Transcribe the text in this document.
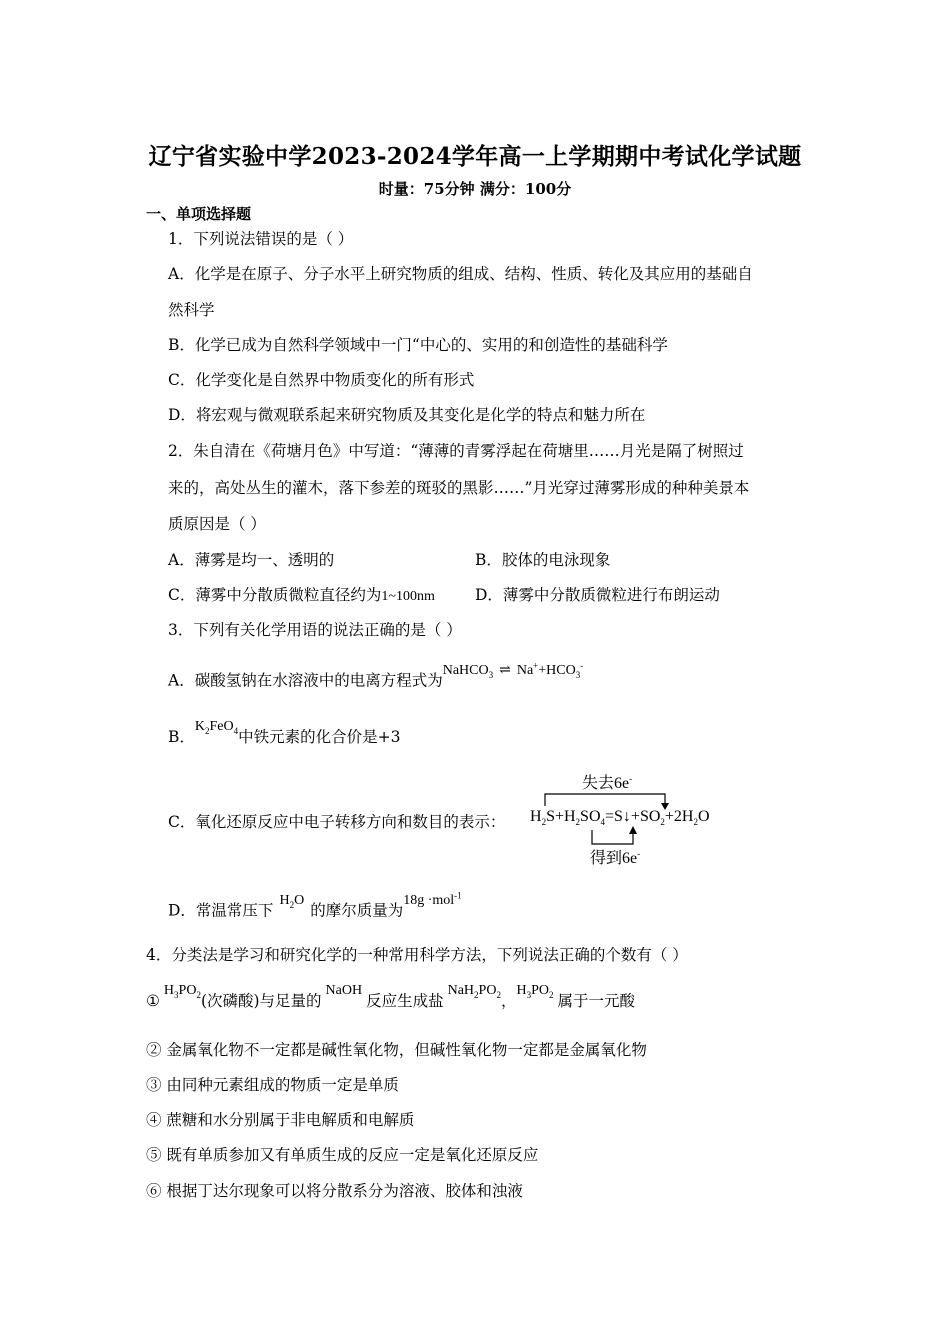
辽宁省实验中学2023-2024学年高一上学期期中考试化学试题
时量：75分钟 满分：100分
一、单项选择题
1．下列说法错误的是（ ）
A．化学是在原子、分子水平上研究物质的组成、结构、性质、转化及其应用的基础自
然科学
B．化学已成为自然科学领域中一门“中心的、实用的和创造性的基础科学
C．化学变化是自然界中物质变化的所有形式
D．将宏观与微观联系起来研究物质及其变化是化学的特点和魅力所在
2．朱自清在《荷塘月色》中写道：“薄薄的青雾浮起在荷塘里……月光是隔了树照过
来的，高处丛生的灌木，落下参差的斑驳的黑影……”月光穿过薄雾形成的种种美景本
质原因是（ ）
A．薄雾是均一、透明的	B．胶体的电泳现象
C．薄雾中分散质微粒直径约为1~100nm	D．薄雾中分散质微粒进行布朗运动
3．下列有关化学用语的说法正确的是（ ）
A．碳酸氢钠在水溶液中的电离方程式为NaHCO$_3$ ⇌ $Na^++HCO_3^-$
B．$K_2FeO_4$中铁元素的化合价是+3
C．氧化还原反应中电子转移方向和数目的表示：
失去6e-
$H_2S+H_2SO_4=S↓+SO_2+2H_2O$
得到6e-
D．常温常压下$H_2O$的摩尔质量为18g ·mol$^{-1}$
4．分类法是学习和研究化学的一种常用科学方法，下列说法正确的个数有（ ）
$①H_3PO_2$(次磷酸)与足量的NaOH反应生成盐$NaH_2PO_2$，$H_3PO_2$ 属于一元酸
② 金属氧化物不一定都是碱性氧化物，但碱性氧化物一定都是金属氧化物
③ 由同种元素组成的物质一定是单质
④ 蔗糖和水分别属于非电解质和电解质
⑤ 既有单质参加又有单质生成的反应一定是氧化还原反应
⑥ 根据丁达尔现象可以将分散系分为溶液、胶体和浊液
